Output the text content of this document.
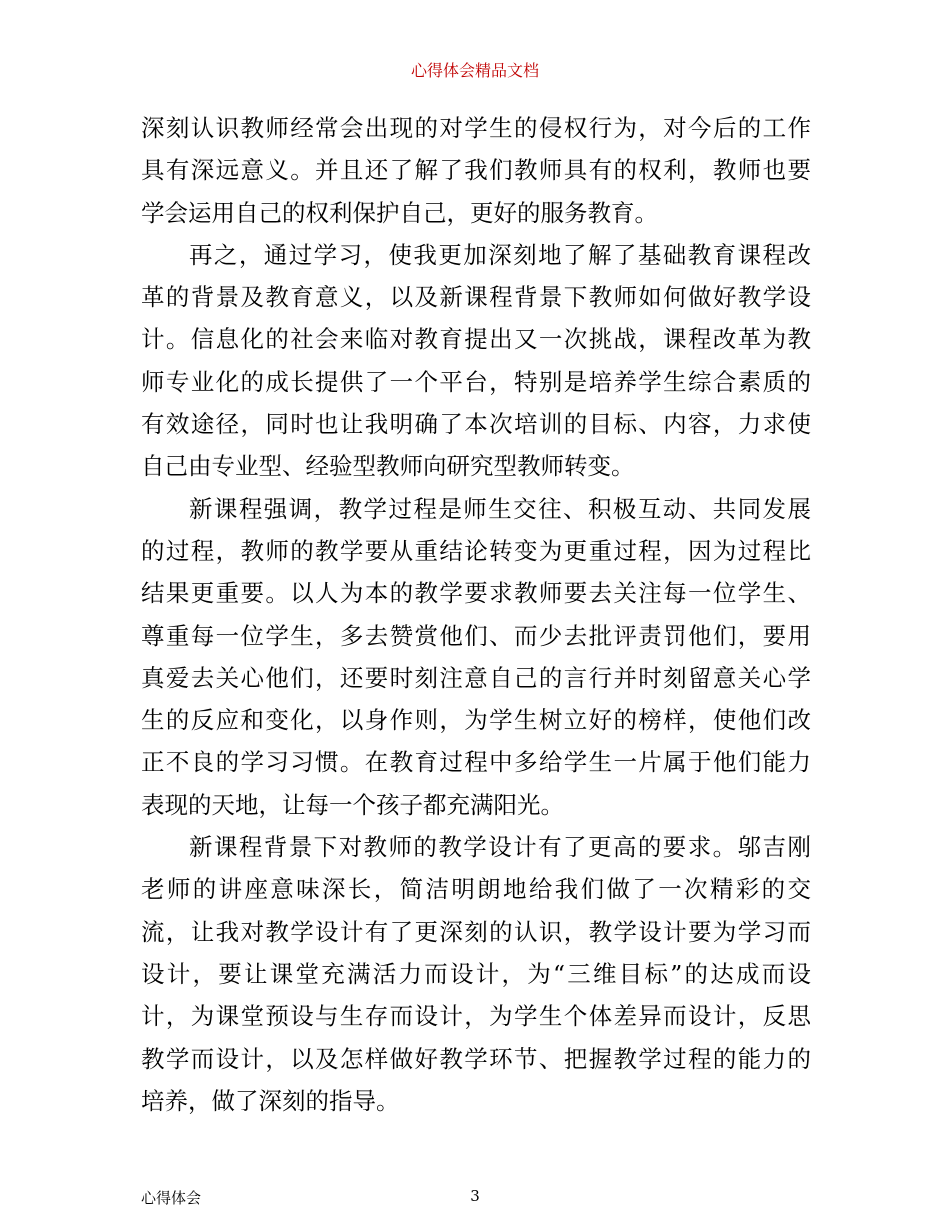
心得体会精品文档
深刻认识教师经常会出现的对学生的侵权行为，对今后的工作
具有深远意义。并且还了解了我们教师具有的权利，教师也要
学会运用自己的权利保护自己，更好的服务教育。
再之，通过学习，使我更加深刻地了解了基础教育课程改
革的背景及教育意义，以及新课程背景下教师如何做好教学设
计。信息化的社会来临对教育提出又一次挑战，课程改革为教
师专业化的成长提供了一个平台，特别是培养学生综合素质的
有效途径，同时也让我明确了本次培训的目标、内容，力求使
自己由专业型、经验型教师向研究型教师转变。
新课程强调，教学过程是师生交往、积极互动、共同发展
的过程，教师的教学要从重结论转变为更重过程，因为过程比
结果更重要。以人为本的教学要求教师要去关注每一位学生、
尊重每一位学生，多去赞赏他们、而少去批评责罚他们，要用
真爱去关心他们，还要时刻注意自己的言行并时刻留意关心学
生的反应和变化，以身作则，为学生树立好的榜样，使他们改
正不良的学习习惯。在教育过程中多给学生一片属于他们能力
表现的天地，让每一个孩子都充满阳光。
新课程背景下对教师的教学设计有了更高的要求。邬吉刚
老师的讲座意味深长，简洁明朗地给我们做了一次精彩的交
流，让我对教学设计有了更深刻的认识，教学设计要为学习而
设计，要让课堂充满活力而设计，为“三维目标”的达成而设
计，为课堂预设与生存而设计，为学生个体差异而设计，反思
教学而设计，以及怎样做好教学环节、把握教学过程的能力的
培养，做了深刻的指导。
心得体会	3
